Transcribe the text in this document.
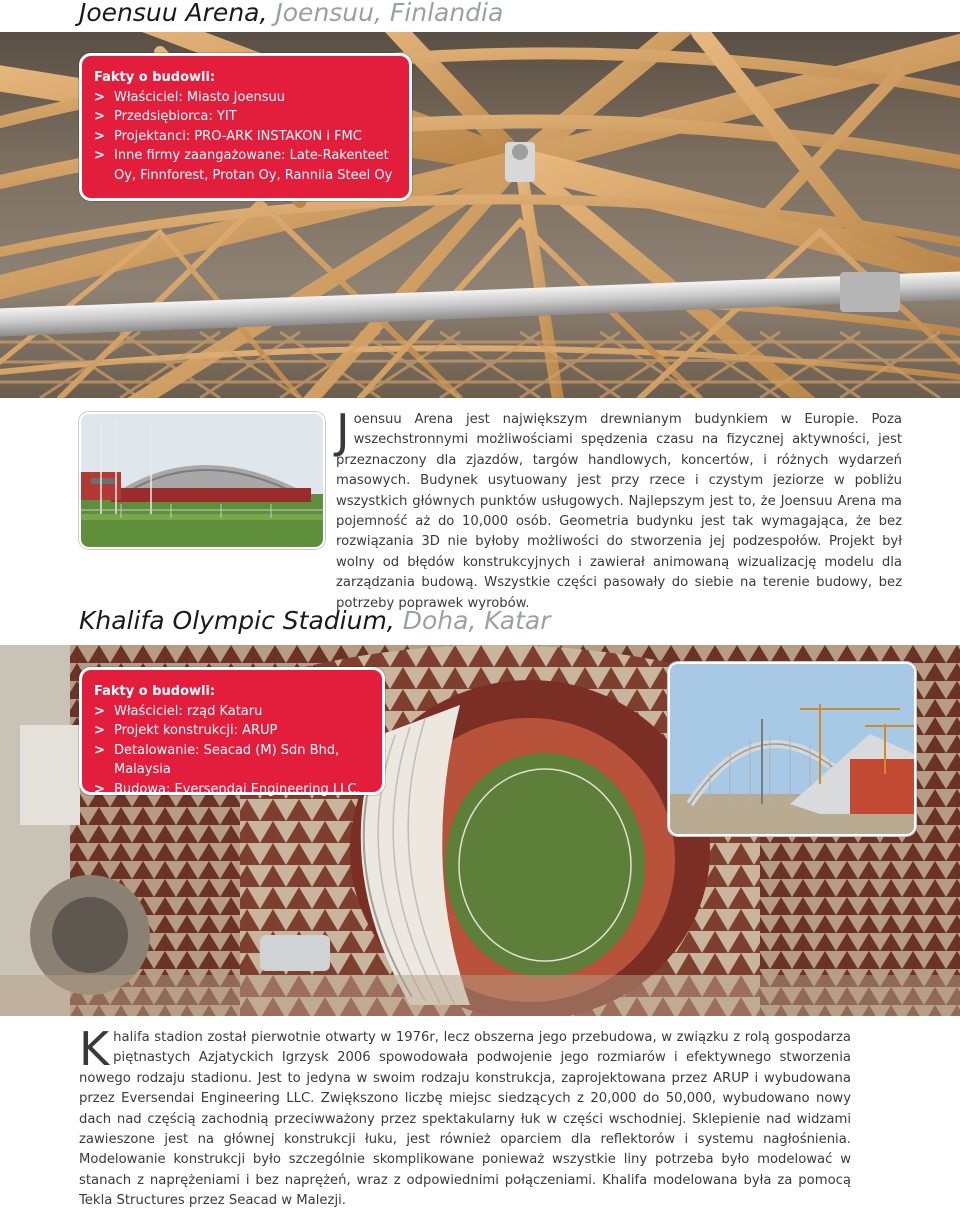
Joensuu Arena, Joensuu, Finlandia
Fakty o budowli:
> Właściciel: Miasto Joensuu
> Przedsiębiorca: YIT
> Projektanci: PRO-ARK INSTAKON i FMC
> Inne firmy zaangażowane: Late-Rakenteet Oy, Finnforest, Protan Oy, Rannila Steel Oy

Joensuu Arena jest największym drewnianym budynkiem w Europie. Poza wszechstronnymi możliwościami spędzenia czasu na fizycznej aktywności, jest przeznaczony dla zjazdów, targów handlowych, koncertów, i różnych wydarzeń masowych. Budynek usytuowany jest przy rzece i czystym jeziorze w pobliżu wszystkich głównych punktów usługowych. Najlepszym jest to, że Joensuu Arena ma pojemność aż do 10,000 osób. Geometria budynku jest tak wymagająca, że bez rozwiązania 3D nie byłoby możliwości do stworzenia jej podzespołów. Projekt był wolny od błędów konstrukcyjnych i zawierał animowaną wizualizację modelu dla zarządzania budową. Wszystkie części pasowały do siebie na terenie budowy, bez potrzeby poprawek wyrobów.

Khalifa Olympic Stadium, Doha, Katar
Fakty o budowli:
> Właściciel: rząd Kataru
> Projekt konstrukcji: ARUP
> Detalowanie: Seacad (M) Sdn Bhd, Malaysia
> Budowa: Eversendai Engineering LLC.

Khalifa stadion został pierwotnie otwarty w 1976r, lecz obszerna jego przebudowa, w związku z rolą gospodarza piętnastych Azjatyckich Igrzysk 2006 spowodowała podwojenie jego rozmiarów i efektywnego stworzenia nowego rodzaju stadionu. Jest to jedyna w swoim rodzaju konstrukcja, zaprojektowana przez ARUP i wybudowana przez Eversendai Engineering LLC. Zwiększono liczbę miejsc siedzących z 20,000 do 50,000, wybudowano nowy dach nad częścią zachodnią przeciwważony przez spektakularny łuk w części wschodniej. Sklepienie nad widzami zawieszone jest na głównej konstrukcji łuku, jest również oparciem dla reflektorów i systemu nagłośnienia. Modelowanie konstrukcji było szczególnie skomplikowane ponieważ wszystkie liny potrzeba było modelować w stanach z naprężeniami i bez naprężeń, wraz z odpowiednimi połączeniami. Khalifa modelowana była za pomocą Tekla Structures przez Seacad w Malezji.
